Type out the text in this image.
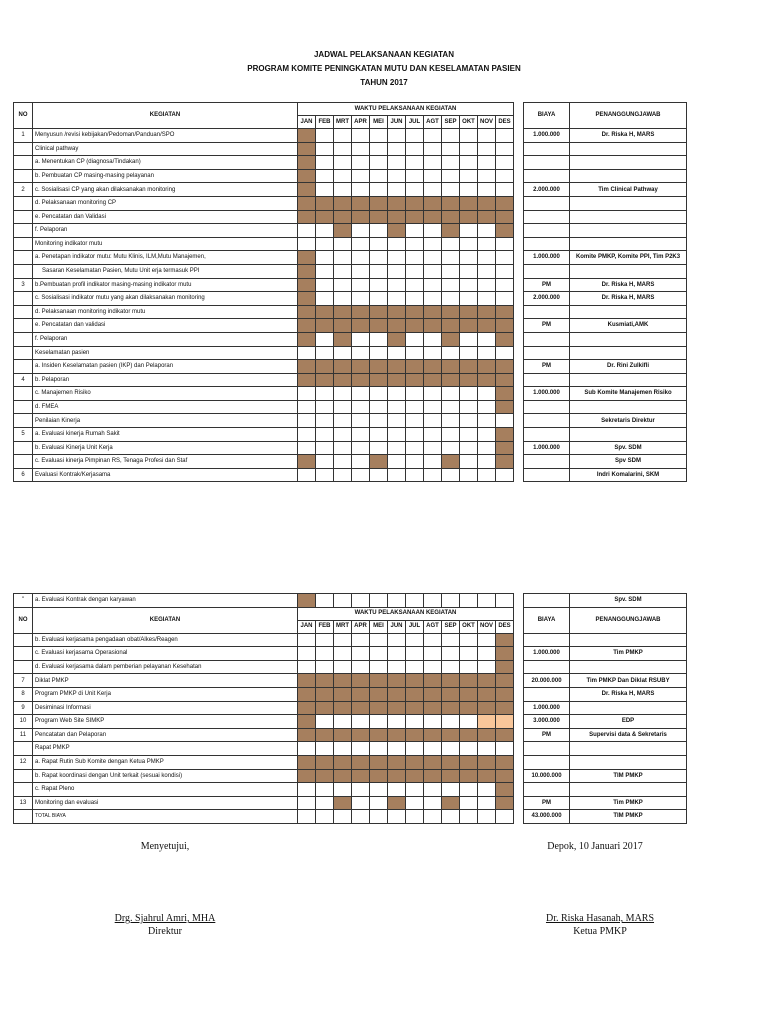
JADWAL PELAKSANAAN KEGIATAN
PROGRAM KOMITE PENINGKATAN MUTU DAN KESELAMATAN PASIEN
TAHUN 2017
NO	KEGIATAN	WAKTU PELAKSANAAN KEGIATAN													BIAYA	PENANGGUNGJAWAB
		JAN	FEB	MRT	APR	MEI	JUN	JUL	AGT	SEP	OKT	NOV	DES			
1	Menyusun /revisi kebijakan/Pedoman/Panduan/SPO														1.000.000	Dr. Riska H, MARS
	Clinical pathway															
	a. Menentukan CP (diagnosa/Tindakan)															
	b. Pembuatan CP masing-masing pelayanan															
2	c. Sosialisasi CP yang akan dilaksanakan monitoring														2.000.000	Tim Clinical Pathway
	d. Pelaksanaan monitoring CP															
	e. Pencatatan dan Validasi															
	f. Pelaporan															
	Monitoring indikator mutu															
	a. Penetapan indikator mutu: Mutu Klinis, ILM,Mutu Manajemen,														1.000.000	Komite PMKP, Komite PPI, Tim P2K3
	Sasaran Keselamatan Pasien, Mutu Unit erja termasuk PPI															
3	b.Pembuatan profil indikator masing-masing indikator mutu														PM	Dr. Riska H, MARS
	c. Sosialisasi indikator mutu yang akan dilaksanakan monitoring														2.000.000	Dr. Riska H, MARS
	d. Pelaksanaan monitoring indikator mutu															
	e. Pencatatan dan validasi														PM	Kusmiati,AMK
	f. Pelaporan															
	Keselamatan pasien															
	a. Insiden Keselamatan pasien (IKP) dan Pelaporan														PM	Dr. Rini Zulkifli
4	b. Pelaporan															
	c. Manajemen Risiko														1.000.000	Sub Komite Manajemen Risiko
	d. FMEA															
	Penilaian Kinerja															Sekretaris Direktur
5	a. Evaluasi kinerja Rumah Sakit															
	b. Evaluasi Kinerja Unit Kerja														1.000.000	Spv. SDM
	c. Evaluasi kinerja Pimpinan RS, Tenaga Profesi dan Staf															Spv SDM
6	Evaluasi Kontrak/Kerjasama															Indri Komalarini, SKM
"	a. Evaluasi Kontrak dengan karyawan															Spv. SDM
NO	KEGIATAN	WAKTU PELAKSANAAN KEGIATAN													BIAYA	PENANGGUNGJAWAB
		JAN	FEB	MRT	APR	MEI	JUN	JUL	AGT	SEP	OKT	NOV	DES			
	b. Evaluasi kerjasama pengadaan obat/Alkes/Reagen															
	c. Evaluasi kerjasama Operasional														1.000.000	Tim PMKP
	d. Evaluasi kerjasama dalam pemberian pelayanan Kesehatan															
7	Diklat PMKP														20.000.000	Tim PMKP Dan Diklat RSUBY
8	Program PMKP di Unit Kerja															Dr. Riska H, MARS
9	Desiminasi Informasi														1.000.000	
10	Program Web Site SIMKP														3.000.000	EDP
11	Pencatatan dan Pelaporan														PM	Supervisi data & Sekretaris
	Rapat PMKP															
12	a. Rapat Rutin Sub Komite dengan Ketua PMKP															
	b. Rapat koordinasi dengan Unit terkait (sesuai kondisi)														10.000.000	TIM PMKP
	c. Rapat Pleno															
13	Monitoring dan evaluasi														PM	Tim PMKP
	TOTAL BIAYA														43.000.000	TIM PMKP
Menyetujui,	Depok, 10 Januari 2017
Drg. Sjahrul Amri, MHA
Direktur
Dr. Riska Hasanah, MARS
Ketua PMKP
